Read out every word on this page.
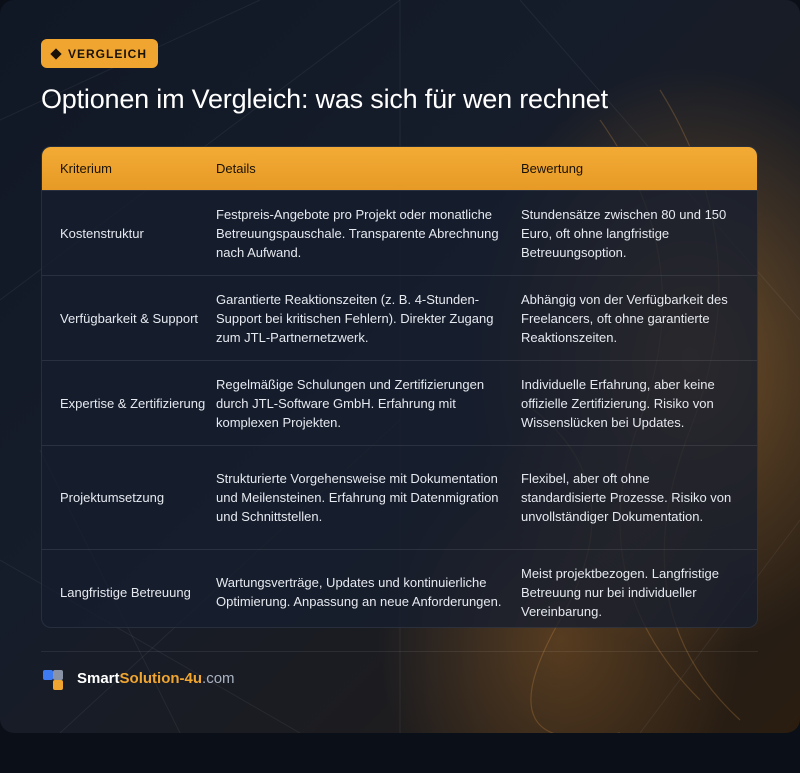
VERGLEICH
Optionen im Vergleich: was sich für wen rechnet
Kriterium	Details	Bewertung
Kostenstruktur
Festpreis-Angebote pro Projekt oder monatliche Betreuungspauschale. Transparente Abrechnung nach Aufwand.
Stundensätze zwischen 80 und 150 Euro, oft ohne langfristige Betreuungsoption.
Verfügbarkeit & Support
Garantierte Reaktionszeiten (z. B. 4-Stunden-Support bei kritischen Fehlern). Direkter Zugang zum JTL-Partnernetzwerk.
Abhängig von der Verfügbarkeit des Freelancers, oft ohne garantierte Reaktionszeiten.
Expertise & Zertifizierung
Regelmäßige Schulungen und Zertifizierungen durch JTL-Software GmbH. Erfahrung mit komplexen Projekten.
Individuelle Erfahrung, aber keine offizielle Zertifizierung. Risiko von Wissenslücken bei Updates.
Projektumsetzung
Strukturierte Vorgehensweise mit Dokumentation und Meilensteinen. Erfahrung mit Datenmigration und Schnittstellen.
Flexibel, aber oft ohne standardisierte Prozesse. Risiko von unvollständiger Dokumentation.
Langfristige Betreuung
Wartungsverträge, Updates und kontinuierliche Optimierung. Anpassung an neue Anforderungen.
Meist projektbezogen. Langfristige Betreuung nur bei individueller Vereinbarung.
SmartSolution-4u.com
